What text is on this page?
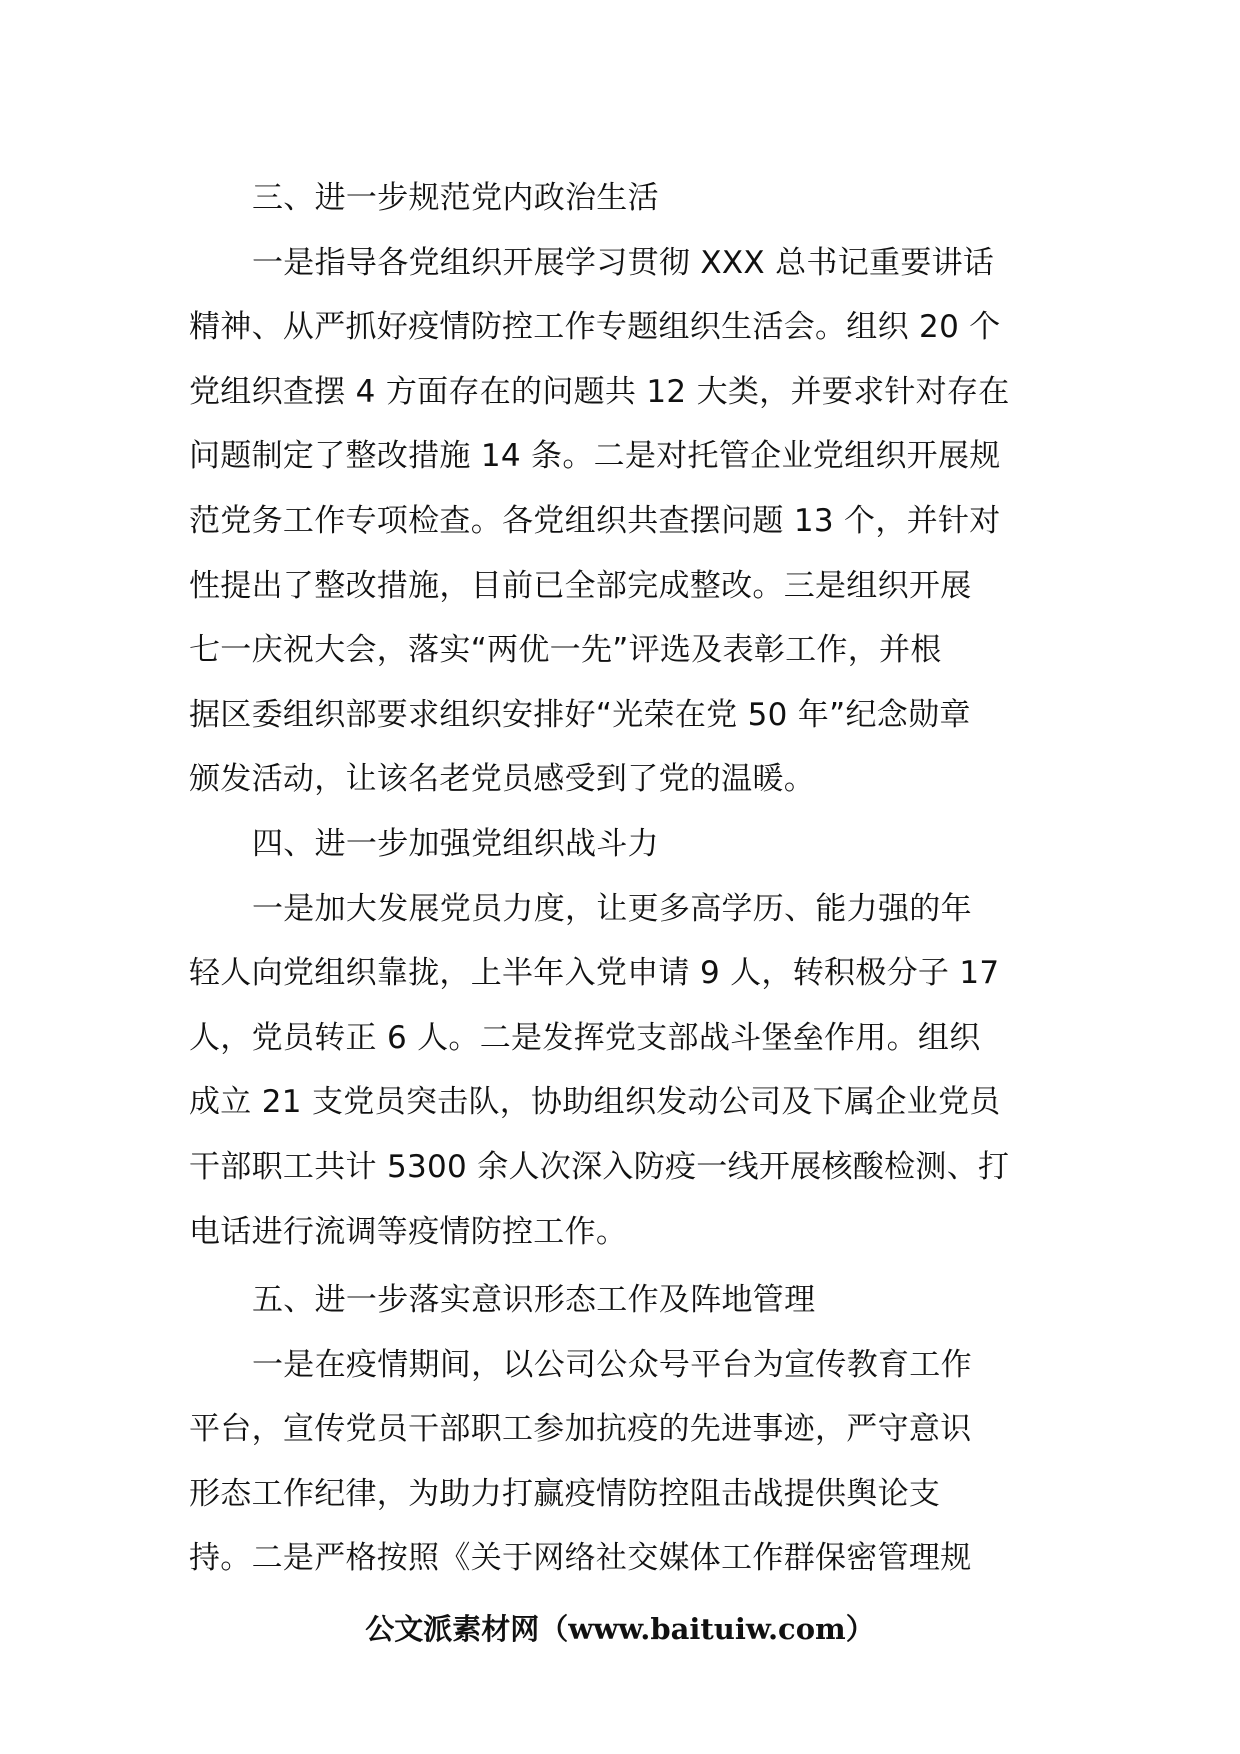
三、进一步规范党内政治生活
一是指导各党组织开展学习贯彻 XXX 总书记重要讲话
精神、从严抓好疫情防控工作专题组织生活会。组织 20 个
党组织查摆 4 方面存在的问题共 12 大类，并要求针对存在
问题制定了整改措施 14 条。二是对托管企业党组织开展规
范党务工作专项检查。各党组织共查摆问题 13 个，并针对
性提出了整改措施，目前已全部完成整改。三是组织开展
七一庆祝大会，落实“两优一先”评选及表彰工作，并根
据区委组织部要求组织安排好“光荣在党 50 年”纪念勋章
颁发活动，让该名老党员感受到了党的温暖。
四、进一步加强党组织战斗力
一是加大发展党员力度，让更多高学历、能力强的年
轻人向党组织靠拢，上半年入党申请 9 人，转积极分子 17
人，党员转正 6 人。二是发挥党支部战斗堡垒作用。组织
成立 21 支党员突击队，协助组织发动公司及下属企业党员
干部职工共计 5300 余人次深入防疫一线开展核酸检测、打
电话进行流调等疫情防控工作。
五、进一步落实意识形态工作及阵地管理
一是在疫情期间，以公司公众号平台为宣传教育工作
平台，宣传党员干部职工参加抗疫的先进事迹，严守意识
形态工作纪律，为助力打赢疫情防控阻击战提供舆论支
持。二是严格按照《关于网络社交媒体工作群保密管理规
公文派素材网（www.baituiw.com）
